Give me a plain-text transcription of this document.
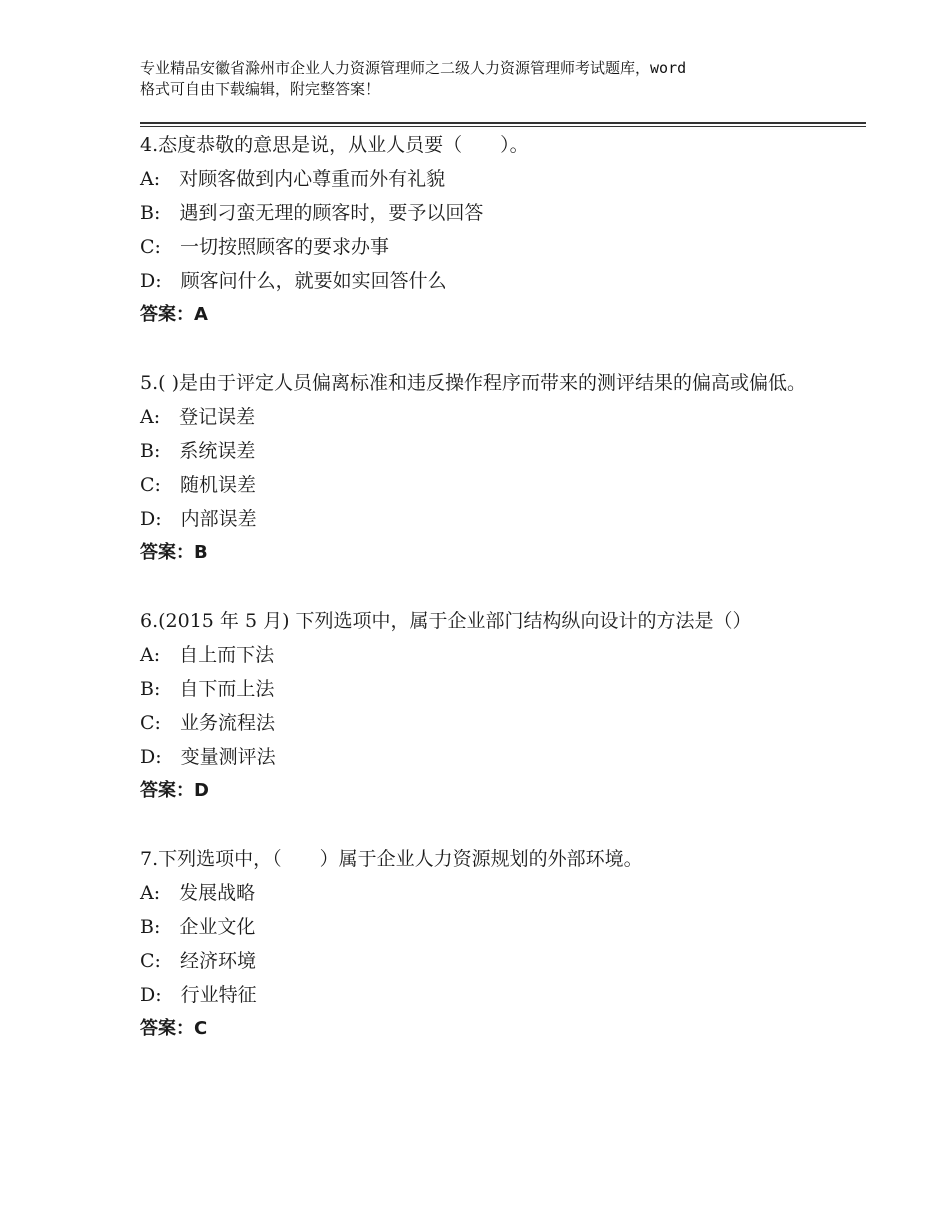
专业精品安徽省滁州市企业人力资源管理师之二级人力资源管理师考试题库，word
格式可自由下载编辑，附完整答案！

4.态度恭敬的意思是说，从业人员要（　　）。

A:　对顾客做到内心尊重而外有礼貌

B:　遇到刁蛮无理的顾客时，要予以回答

C:　一切按照顾客的要求办事

D:　顾客问什么，就要如实回答什么

答案：A

5.( )是由于评定人员偏离标准和违反操作程序而带来的测评结果的偏高或偏低。

A:　登记误差

B:　系统误差

C:　随机误差

D:　内部误差

答案：B

6.(2015 年 5 月) 下列选项中，属于企业部门结构纵向设计的方法是（）

A:　自上而下法

B:　自下而上法

C:　业务流程法

D:　变量测评法

答案：D

7.下列选项中，（　　）属于企业人力资源规划的外部环境。

A:　发展战略

B:　企业文化

C:　经济环境

D:　行业特征

答案：C
